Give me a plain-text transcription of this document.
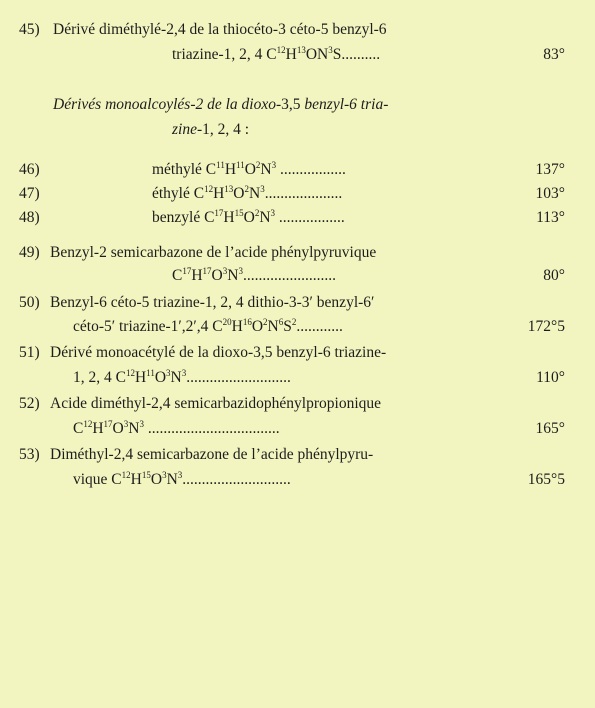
45) Dérivé diméthylé-2,4 de la thiocéto-3 céto-5 benzyl-6
triazine-1, 2, 4 $C^{12}H^{13}ON^3S$..........	83°
Dérivés monoalcoylés-2 de la dioxo-3,5 benzyl-6 tria-
zine-1, 2, 4 :
46)	méthylé $C^{11}H^{11}O^2N^3$ .................	137°
47)	éthylé $C^{12}H^{13}O^2N^3$....................	103°
48)	benzylé $C^{17}H^{15}O^2N^3$ .................	113°
49) Benzyl-2 semicarbazone de l’acide phénylpyruvique
$C^{17}H^{17}O^3N^3$........................	80°
50) Benzyl-6 céto-5 triazine-1, 2, 4 dithio-3-3′ benzyl-6′
céto-5′ triazine-1′,2′,4 $C^{20}H^{16}O^2N^6S^2$............	172°5
51) Dérivé monoacétylé de la dioxo-3,5 benzyl-6 triazine-
1, 2, 4 $C^{12}H^{11}O^3N^3$...........................	110°
52) Acide diméthyl-2,4 semicarbazidophénylpropionique
$C^{12}H^{17}O^3N^3$ ..................................	165°
53) Diméthyl-2,4 semicarbazone de l’acide phénylpyru-
vique $C^{12}H^{15}O^3N^3$............................	165°5
